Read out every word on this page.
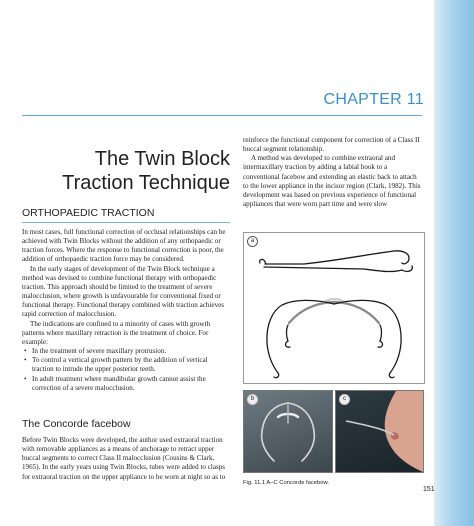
CHAPTER 11
The Twin Block
Traction Technique
ORTHOPAEDIC TRACTION

In most cases, full functional correction of occlusal relationships can be achieved with Twin Blocks without the addition of any orthopaedic or traction forces. Where the response to functional correction is poor, the addition of orthopaedic traction force may be considered.

In the early stages of development of the Twin Block technique a method was devised to combine functional therapy with orthopaedic traction. This approach should be limited to the treatment of severe malocclusion, where growth is unfavourable for conventional fixed or functional therapy. Functional therapy combined with traction achieves rapid correction of malocclusion.

The indications are confined to a minority of cases with growth patterns where maxillary retraction is the treatment of choice. For example:

• In the treatment of severe maxillary protrusion.
• To control a vertical growth pattern by the addition of vertical traction to intrude the upper posterior teeth.
• In adult treatment where mandibular growth cannot assist the correction of a severe malocclusion.
The Concorde facebow

Before Twin Blocks were developed, the author used extraoral traction with removable appliances as a means of anchorage to retract upper buccal segments to correct Class II malocclusion (Cousins & Clark, 1965). In the early years using Twin Blocks, tubes were added to clasps for extraoral traction on the upper appliance to be worn at night so as to

reinforce the functional component for correction of a Class II buccal segment relationship.

A method was developed to combine extraoral and intermaxillary traction by adding a labial hook to a conventional facebow and extending an elastic back to attach to the lower appliance in the incisor region (Clark, 1982). This development was based on previous experience of functional appliances that were worn part time and were slow

a
b	c
Fig. 11.1 A–C Concorde facebow.
151
